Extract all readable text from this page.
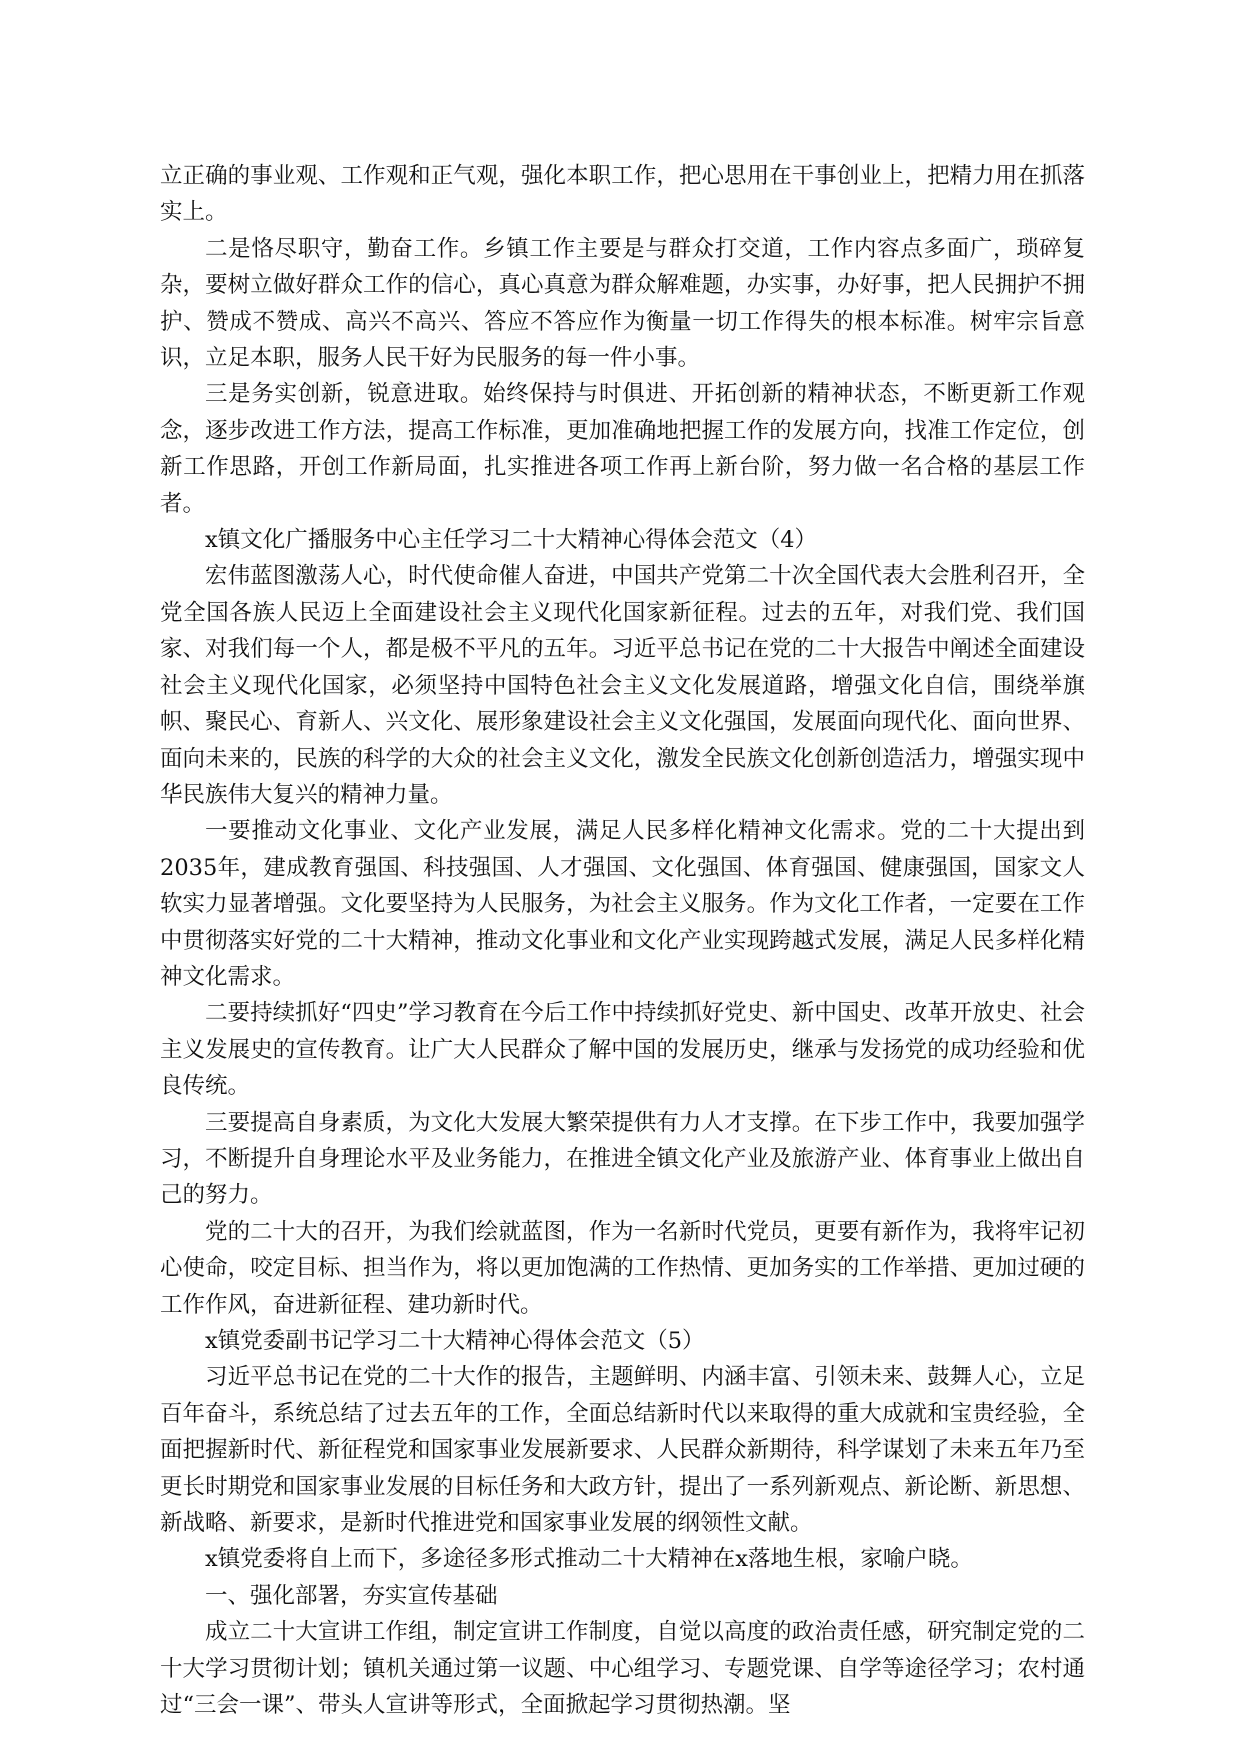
立正确的事业观、工作观和正气观，强化本职工作，把心思用在干事创业上，把精力用在抓落实上。

二是恪尽职守，勤奋工作。乡镇工作主要是与群众打交道，工作内容点多面广，琐碎复杂，要树立做好群众工作的信心，真心真意为群众解难题，办实事，办好事，把人民拥护不拥护、赞成不赞成、高兴不高兴、答应不答应作为衡量一切工作得失的根本标准。树牢宗旨意识，立足本职，服务人民干好为民服务的每一件小事。

三是务实创新，锐意进取。始终保持与时俱进、开拓创新的精神状态，不断更新工作观念，逐步改进工作方法，提高工作标准，更加准确地把握工作的发展方向，找准工作定位，创新工作思路，开创工作新局面，扎实推进各项工作再上新台阶，努力做一名合格的基层工作者。

x镇文化广播服务中心主任学习二十大精神心得体会范文（4）

宏伟蓝图激荡人心，时代使命催人奋进，中国共产党第二十次全国代表大会胜利召开，全党全国各族人民迈上全面建设社会主义现代化国家新征程。过去的五年，对我们党、我们国家、对我们每一个人，都是极不平凡的五年。习近平总书记在党的二十大报告中阐述全面建设社会主义现代化国家，必须坚持中国特色社会主义文化发展道路，增强文化自信，围绕举旗帜、聚民心、育新人、兴文化、展形象建设社会主义文化强国，发展面向现代化、面向世界、面向未来的，民族的科学的大众的社会主义文化，激发全民族文化创新创造活力，增强实现中华民族伟大复兴的精神力量。

一要推动文化事业、文化产业发展，满足人民多样化精神文化需求。党的二十大提出到2035年，建成教育强国、科技强国、人才强国、文化强国、体育强国、健康强国，国家文人软实力显著增强。文化要坚持为人民服务，为社会主义服务。作为文化工作者，一定要在工作中贯彻落实好党的二十大精神，推动文化事业和文化产业实现跨越式发展，满足人民多样化精神文化需求。

二要持续抓好“四史”学习教育在今后工作中持续抓好党史、新中国史、改革开放史、社会主义发展史的宣传教育。让广大人民群众了解中国的发展历史，继承与发扬党的成功经验和优良传统。

三要提高自身素质，为文化大发展大繁荣提供有力人才支撑。在下步工作中，我要加强学习，不断提升自身理论水平及业务能力，在推进全镇文化产业及旅游产业、体育事业上做出自己的努力。

党的二十大的召开，为我们绘就蓝图，作为一名新时代党员，更要有新作为，我将牢记初心使命，咬定目标、担当作为，将以更加饱满的工作热情、更加务实的工作举措、更加过硬的工作作风，奋进新征程、建功新时代。

x镇党委副书记学习二十大精神心得体会范文（5）

习近平总书记在党的二十大作的报告，主题鲜明、内涵丰富、引领未来、鼓舞人心，立足百年奋斗，系统总结了过去五年的工作，全面总结新时代以来取得的重大成就和宝贵经验，全面把握新时代、新征程党和国家事业发展新要求、人民群众新期待，科学谋划了未来五年乃至更长时期党和国家事业发展的目标任务和大政方针，提出了一系列新观点、新论断、新思想、新战略、新要求，是新时代推进党和国家事业发展的纲领性文献。

x镇党委将自上而下，多途径多形式推动二十大精神在x落地生根，家喻户晓。

一、强化部署，夯实宣传基础

成立二十大宣讲工作组，制定宣讲工作制度，自觉以高度的政治责任感，研究制定党的二十大学习贯彻计划；镇机关通过第一议题、中心组学习、专题党课、自学等途径学习；农村通过“三会一课”、带头人宣讲等形式，全面掀起学习贯彻热潮。坚
